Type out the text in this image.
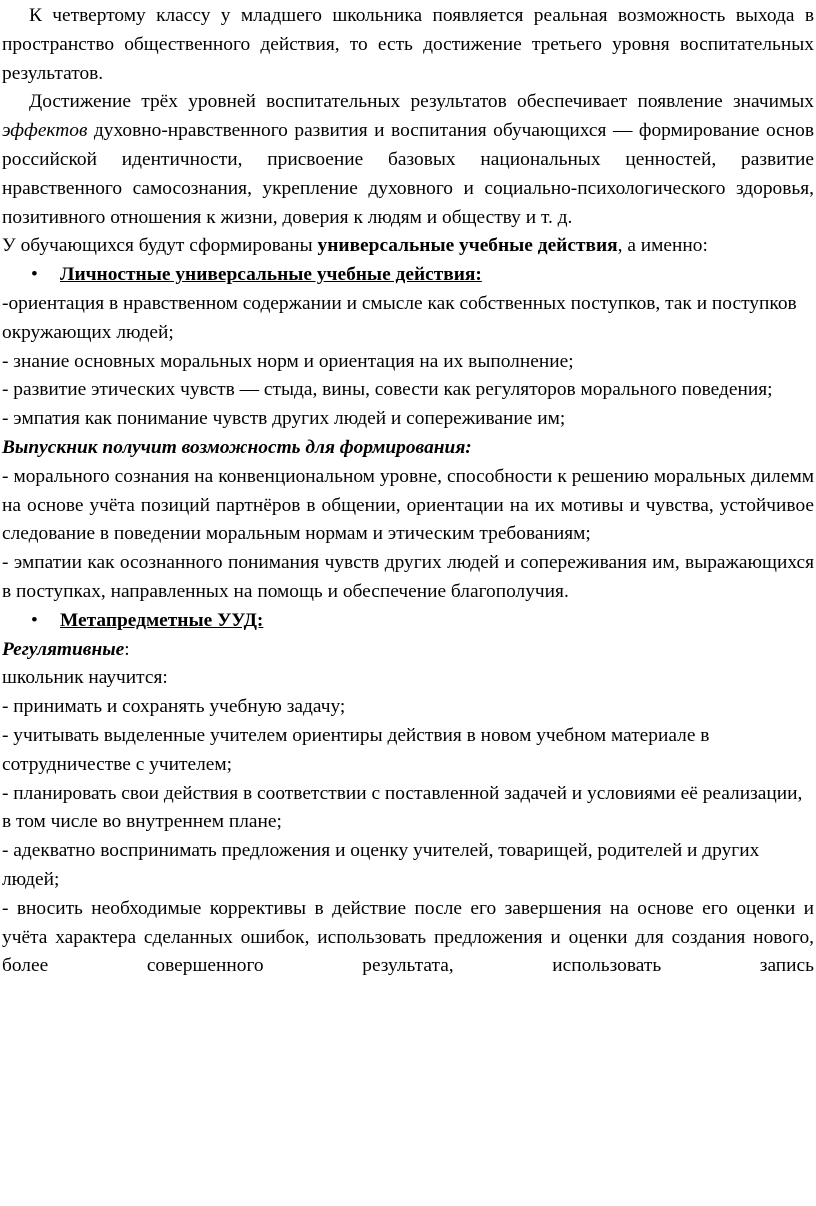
К четвертому классу у младшего школьника появляется реальная возможность выхода в пространство общественного действия, то есть достижение третьего уровня воспитательных результатов.

Достижение трёх уровней воспитательных результатов обеспечивает появление значимых эффектов духовно-нравственного развития и воспитания обучающихся — формирование основ российской идентичности, присвоение базовых национальных ценностей, развитие нравственного самосознания, укрепление духовного и социально-психологического здоровья, позитивного отношения к жизни, доверия к людям и обществу и т. д.

У обучающихся будут сформированы универсальные учебные действия, а именно:

• Личностные универсальные учебные действия:

-ориентация в нравственном содержании и смысле как собственных поступков, так и поступков окружающих людей;

- знание основных моральных норм и ориентация на их выполнение;

- развитие этических чувств — стыда, вины, совести как регуляторов морального поведения;

- эмпатия как понимание чувств других людей и сопереживание им;

Выпускник получит возможность для формирования:

- морального сознания на конвенциональном уровне, способности к решению моральных дилемм на основе учёта позиций партнёров в общении, ориентации на их мотивы и чувства, устойчивое следование в поведении моральным нормам и этическим требованиям;

- эмпатии как осознанного понимания чувств других людей и сопереживания им, выражающихся в поступках, направленных на помощь и обеспечение благополучия.

• Метапредметные УУД:

Регулятивные:

школьник научится:

- принимать и сохранять учебную задачу;

- учитывать выделенные учителем ориентиры действия в новом учебном материале в сотрудничестве с учителем;

- планировать свои действия в соответствии с поставленной задачей и условиями её реализации, в том числе во внутреннем плане;

- адекватно воспринимать предложения и оценку учителей, товарищей, родителей и других людей;

- вносить необходимые коррективы в действие после его завершения на основе его оценки и учёта характера сделанных ошибок, использовать предложения и оценки для создания нового, более совершенного результата, использовать запись
